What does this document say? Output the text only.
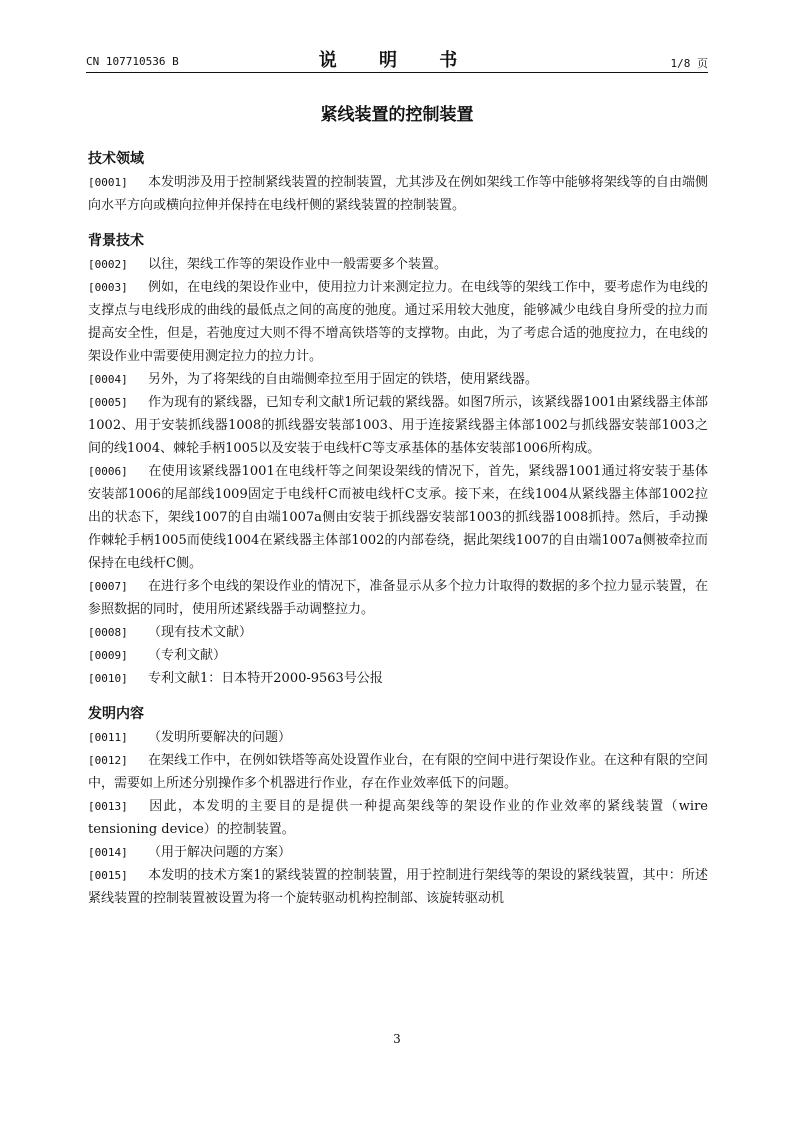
CN 107710536 B	说 明 书	1/8 页
紧线装置的控制装置
技术领域
[0001] 本发明涉及用于控制紧线装置的控制装置，尤其涉及在例如架线工作等中能够将架线等的自由端侧向水平方向或横向拉伸并保持在电线杆侧的紧线装置的控制装置。
背景技术
[0002] 以往，架线工作等的架设作业中一般需要多个装置。
[0003] 例如，在电线的架设作业中，使用拉力计来测定拉力。在电线等的架线工作中，要考虑作为电线的支撑点与电线形成的曲线的最低点之间的高度的弛度。通过采用较大弛度，能够减少电线自身所受的拉力而提高安全性，但是，若弛度过大则不得不增高铁塔等的支撑物。由此，为了考虑合适的弛度拉力，在电线的架设作业中需要使用测定拉力的拉力计。
[0004] 另外，为了将架线的自由端侧牵拉至用于固定的铁塔，使用紧线器。
[0005] 作为现有的紧线器，已知专利文献1所记载的紧线器。如图7所示，该紧线器1001由紧线器主体部1002、用于安装抓线器1008的抓线器安装部1003、用于连接紧线器主体部1002与抓线器安装部1003之间的线1004、棘轮手柄1005以及安装于电线杆C等支承基体的基体安装部1006所构成。
[0006] 在使用该紧线器1001在电线杆等之间架设架线的情况下，首先，紧线器1001通过将安装于基体安装部1006的尾部线1009固定于电线杆C而被电线杆C支承。接下来，在线1004从紧线器主体部1002拉出的状态下，架线1007的自由端1007a侧由安装于抓线器安装部1003的抓线器1008抓持。然后，手动操作棘轮手柄1005而使线1004在紧线器主体部1002的内部卷绕，据此架线1007的自由端1007a侧被牵拉而保持在电线杆C侧。
[0007] 在进行多个电线的架设作业的情况下，准备显示从多个拉力计取得的数据的多个拉力显示装置，在参照数据的同时，使用所述紧线器手动调整拉力。
[0008] （现有技术文献）
[0009] （专利文献）
[0010] 专利文献1：日本特开2000-9563号公报
发明内容
[0011] （发明所要解决的问题）
[0012] 在架线工作中，在例如铁塔等高处设置作业台，在有限的空间中进行架设作业。在这种有限的空间中，需要如上所述分别操作多个机器进行作业，存在作业效率低下的问题。
[0013] 因此，本发明的主要目的是提供一种提高架线等的架设作业的作业效率的紧线装置（wire tensioning device）的控制装置。
[0014] （用于解决问题的方案）
[0015] 本发明的技术方案1的紧线装置的控制装置，用于控制进行架线等的架设的紧线装置，其中：所述紧线装置的控制装置被设置为将一个旋转驱动机构控制部、该旋转驱动机
3
